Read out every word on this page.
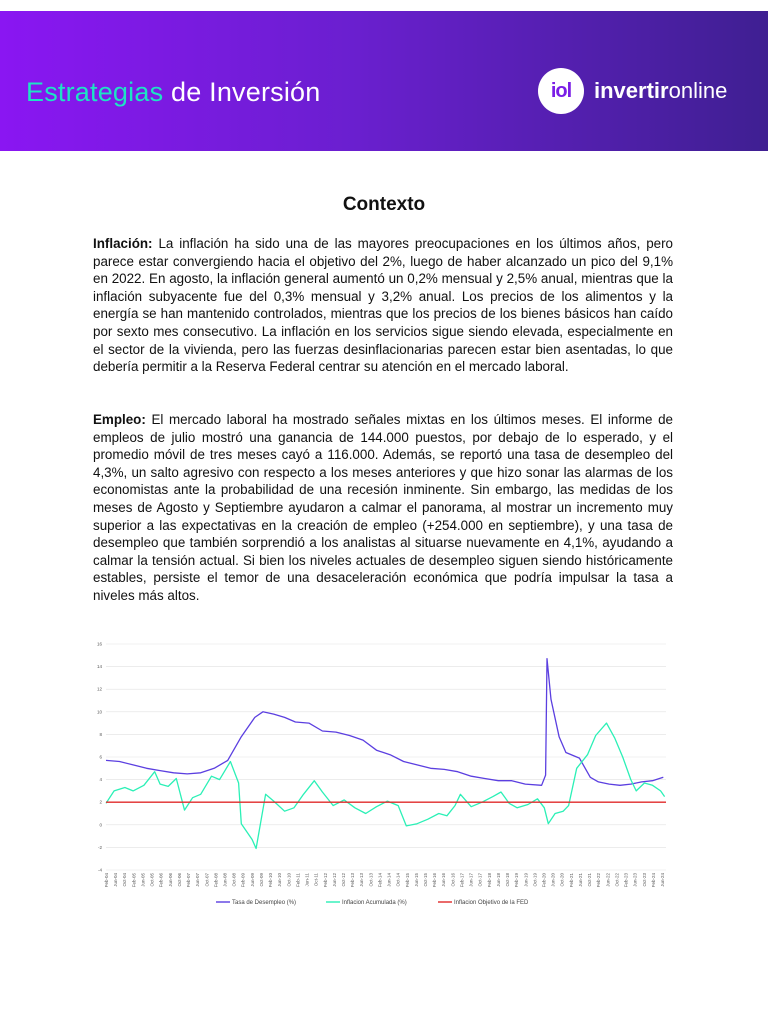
Estrategias de Inversión	iol invertironline
Contexto

Inflación: La inflación ha sido una de las mayores preocupaciones en los últimos años, pero parece estar convergiendo hacia el objetivo del 2%, luego de haber alcanzado un pico del 9,1% en 2022. En agosto, la inflación general aumentó un 0,2% mensual y 2,5% anual, mientras que la inflación subyacente fue del 0,3% mensual y 3,2% anual. Los precios de los alimentos y la energía se han mantenido controlados, mientras que los precios de los bienes básicos han caído por sexto mes consecutivo. La inflación en los servicios sigue siendo elevada, especialmente en el sector de la vivienda, pero las fuerzas desinflacionarias parecen estar bien asentadas, lo que debería permitir a la Reserva Federal centrar su atención en el mercado laboral.

Empleo: El mercado laboral ha mostrado señales mixtas en los últimos meses. El informe de empleos de julio mostró una ganancia de 144.000 puestos, por debajo de lo esperado, y el promedio móvil de tres meses cayó a 116.000. Además, se reportó una tasa de desempleo del 4,3%, un salto agresivo con respecto a los meses anteriores y que hizo sonar las alarmas de los economistas ante la probabilidad de una recesión inminente. Sin embargo, las medidas de los meses de Agosto y Septiembre ayudaron a calmar el panorama, al mostrar un incremento muy superior a las expectativas en la creación de empleo (+254.000 en septiembre), y una tasa de desempleo que también sorprendió a los analistas al situarse nuevamente en 4,1%, ayudando a calmar la tensión actual. Si bien los niveles actuales de desempleo siguen siendo históricamente estables, persiste el temor de una desaceleración económica que podría impulsar la tasa a niveles más altos.

-4
-2
0
2
4
6
8
10
12
14
16
Feb-04 Jun-04 Oct-04 Feb-05 Jun-05 Oct-05 Feb-06 Jun-06 Oct-06 Feb-07 Jun-07 Oct-07 Feb-08 Jun-08 Oct-08 Feb-09 Jun-09 Oct-09 Feb-10 Jun-10 Oct-10 Feb-11 Jun-11 Oct-11 Feb-12 Jun-12 Oct-12 Feb-13 Jun-13 Oct-13 Feb-14 Jun-14 Oct-14 Feb-15 Jun-15 Oct-15 Feb-16 Jun-16 Oct-16 Feb-17 Jun-17 Oct-17 Feb-18 Jun-18 Oct-18 Feb-19 Jun-19 Oct-19 Feb-20 Jun-20 Oct-20 Feb-21 Jun-21 Oct-21 Feb-22 Jun-22 Oct-22 Feb-23 Jun-23 Oct-23 Feb-24 Jun-24
Tasa de Desempleo (%)	Inflacion Acumulada (%)	Inflacion Objetivo de la FED
